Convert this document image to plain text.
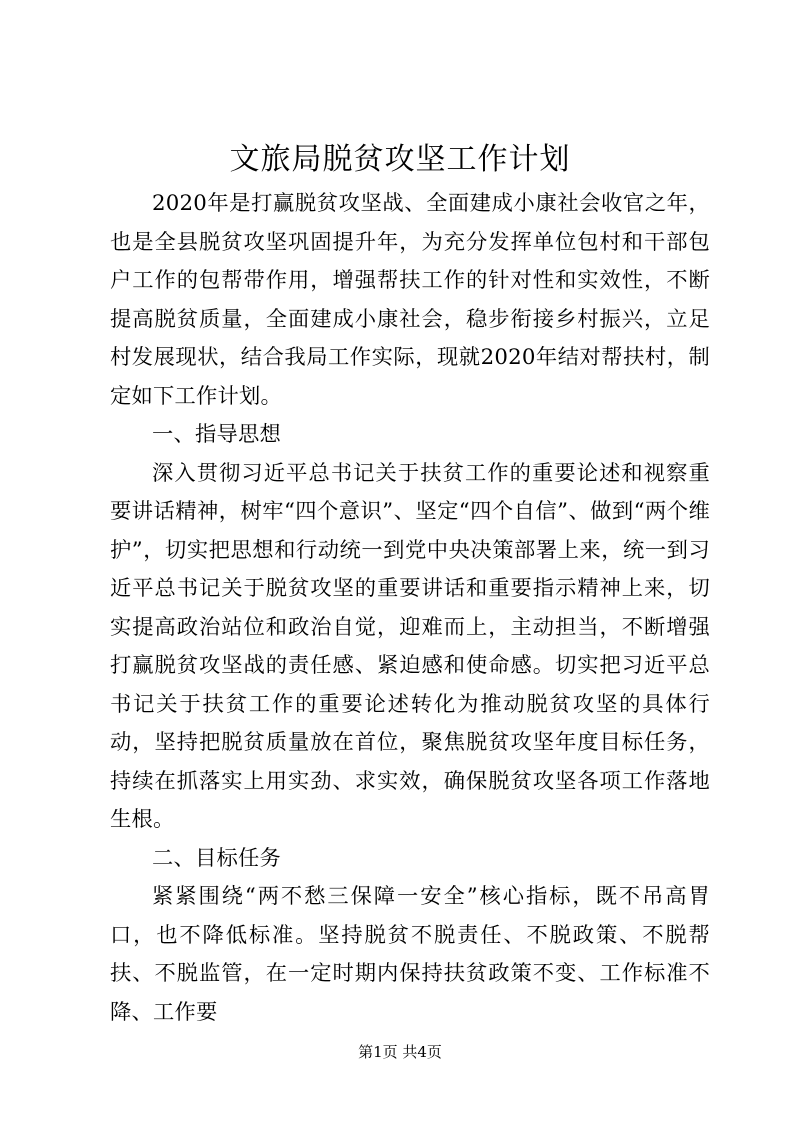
文旅局脱贫攻坚工作计划

2020年是打赢脱贫攻坚战、全面建成小康社会收官之年，也是全县脱贫攻坚巩固提升年，为充分发挥单位包村和干部包户工作的包帮带作用，增强帮扶工作的针对性和实效性，不断提高脱贫质量，全面建成小康社会，稳步衔接乡村振兴，立足村发展现状，结合我局工作实际，现就2020年结对帮扶村，制定如下工作计划。

一、指导思想

深入贯彻习近平总书记关于扶贫工作的重要论述和视察重要讲话精神，树牢“四个意识”、坚定“四个自信”、做到“两个维护”，切实把思想和行动统一到党中央决策部署上来，统一到习近平总书记关于脱贫攻坚的重要讲话和重要指示精神上来，切实提高政治站位和政治自觉，迎难而上，主动担当，不断增强打赢脱贫攻坚战的责任感、紧迫感和使命感。切实把习近平总书记关于扶贫工作的重要论述转化为推动脱贫攻坚的具体行动，坚持把脱贫质量放在首位，聚焦脱贫攻坚年度目标任务，持续在抓落实上用实劲、求实效，确保脱贫攻坚各项工作落地生根。

二、目标任务

紧紧围绕“两不愁三保障一安全”核心指标，既不吊高胃口，也不降低标准。坚持脱贫不脱责任、不脱政策、不脱帮扶、不脱监管，在一定时期内保持扶贫政策不变、工作标准不降、工作要

第1页 共4页
